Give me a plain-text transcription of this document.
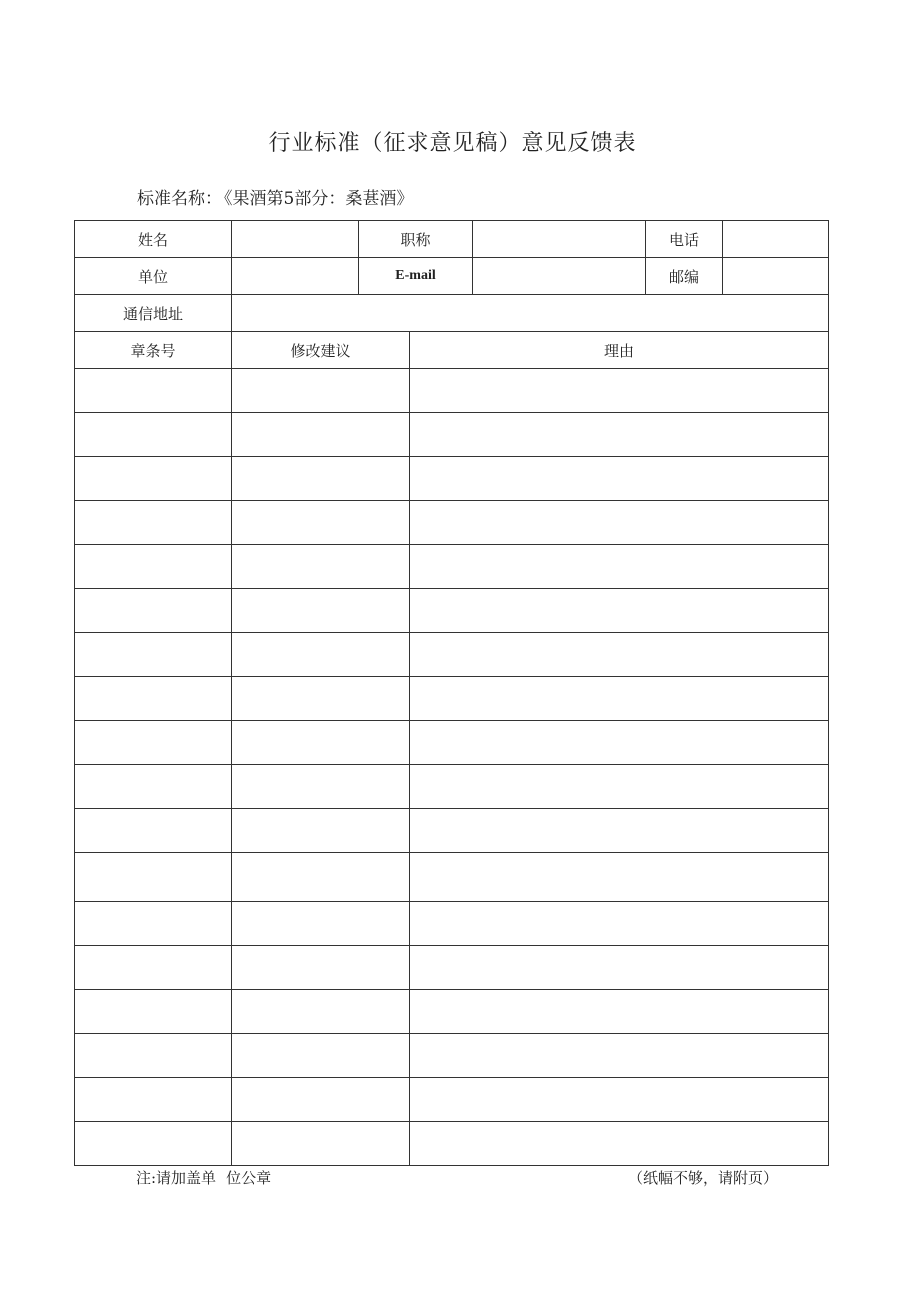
行业标准（征求意见稿）意见反馈表
标准名称： 《果酒第5部分：桑葚酒》
姓名		职称			电话	
单位		E-mail			邮编	
通信地址						
章条号	修改建议		理由			

注:请加盖单 位公章	（纸幅不够，请附页）
